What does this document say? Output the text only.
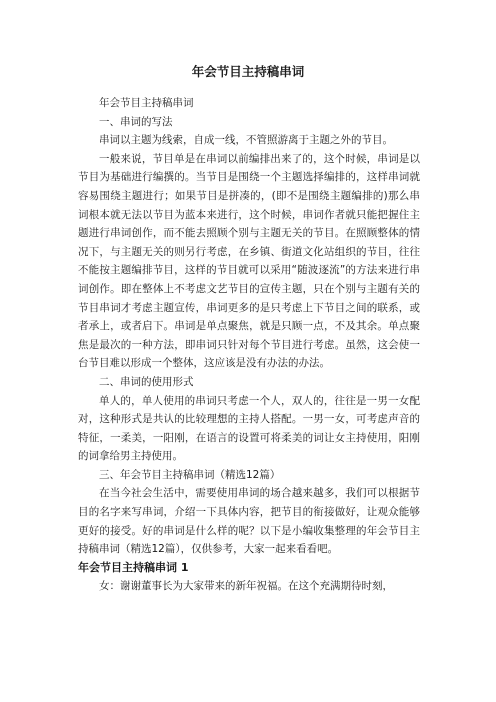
年会节目主持稿串词

年会节目主持稿串词

一、串词的写法

串词以主题为线索，自成一线，不管照游离于主题之外的节目。

一般来说，节目单是在串词以前编排出来了的，这个时候，串词是以节目为基础进行编撰的。当节目是围绕一个主题选择编排的，这样串词就容易围绕主题进行；如果节目是拼凑的，(即不是围绕主题编排的)那么串词根本就无法以节目为蓝本来进行，这个时候，串词作者就只能把握住主题进行串词创作，而不能去照顾个别与主题无关的节目。在照顾整体的情况下，与主题无关的则另行考虑，在乡镇、街道文化站组织的节目，往往不能按主题编排节目，这样的节目就可以采用“随波逐流”的方法来进行串词创作。即在整体上不考虑文艺节目的宣传主题，只在个别与主题有关的节目串词才考虑主题宣传，串词更多的是只考虑上下节目之间的联系，或者承上，或者启下。串词是单点聚焦，就是只顾一点，不及其余。单点聚焦是最次的一种方法，即串词只针对每个节目进行考虑。虽然，这会使一台节目难以形成一个整体，这应该是没有办法的办法。

二、串词的使用形式

单人的，单人使用的串词只考虑一个人，双人的，往往是一男一女配对，这种形式是共认的比较理想的主持人搭配。一男一女，可考虑声音的特征，一柔美，一阳刚，在语言的设置可将柔美的词让女主持使用，阳刚的词拿给男主持使用。

三、年会节目主持稿串词（精选12篇）

在当今社会生活中，需要使用串词的场合越来越多，我们可以根据节目的名字来写串词，介绍一下具体内容，把节目的衔接做好，让观众能够更好的接受。好的串词是什么样的呢？以下是小编收集整理的年会节目主持稿串词（精选12篇），仅供参考，大家一起来看看吧。

年会节目主持稿串词 1

女：谢谢董事长为大家带来的新年祝福。在这个充满期待时刻，
